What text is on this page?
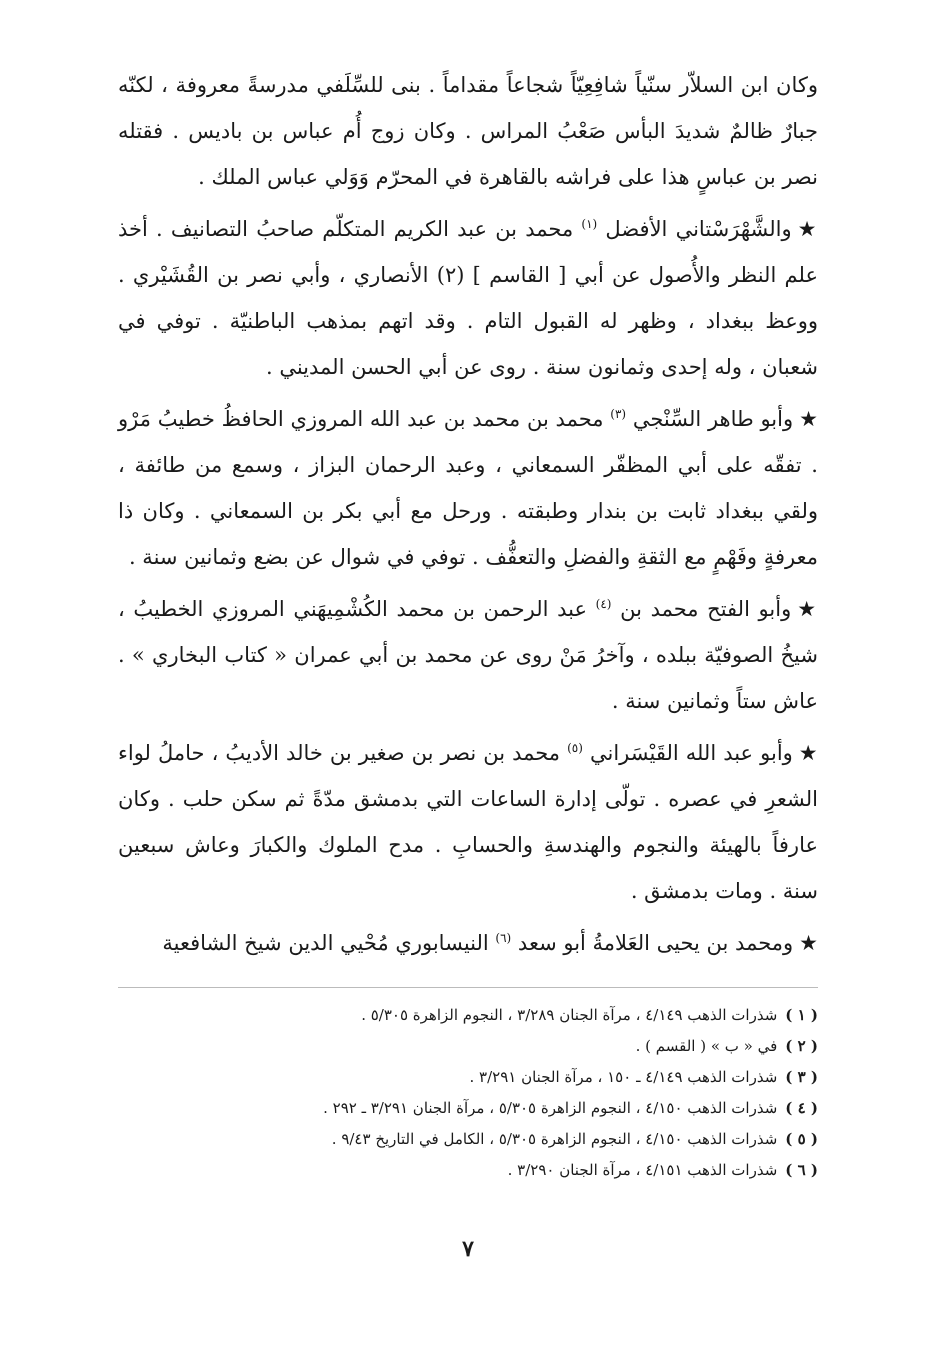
وكان ابن السلاّر سنّياً شافِعِيّاً شجاعاً مقداماً . بنى للسِّلَفي مدرسةً معروفة ، لكنّه جبارٌ ظالمٌ شديدَ البأس صَعْبُ المراس . وكان زوج أُم عباس بن باديس . فقتله نصر بن عباسٍ هذا على فراشه بالقاهرة في المحرّم وَوَلي عباس الملك .

★والشَّهْرَسْتاني الأفضل $^{(١)}$ محمد بن عبد الكريم المتكلّم صاحبُ التصانيف . أخذ علم النظر والأُصول عن أبي [ القاسم ] (٢) الأنصاري ، وأبي نصر بن القُشَيْري . ووعظ ببغداد ، وظهر له القبول التام . وقد اتهم بمذهب الباطنيّة . توفي في شعبان ، وله إحدى وثمانون سنة . روى عن أبي الحسن المديني .

★وأبو طاهر السِّنْجي $^{(٣)}$ محمد بن محمد بن عبد الله المروزي الحافظُ خطيبُ مَرْو . تفقّه على أبي المظفّر السمعاني ، وعبد الرحمان البزاز ، وسمع من طائفة ، ولقي ببغداد ثابت بن بندار وطبقته . ورحل مع أبي بكر بن السمعاني . وكان ذا معرفةٍ وفَهْمٍ مع الثقةِ والفضلِ والتعفُّف . توفي في شوال عن بضع وثمانين سنة .

★وأبو الفتح محمد بن $^{(٤)}$ عبد الرحمن بن محمد الكُشْمِيهَني المروزي الخطيبُ ، شيخُ الصوفيّة ببلده ، وآخرُ مَنْ روى عن محمد بن أبي عمران « كتاب البخاري » . عاش ستاً وثمانين سنة .

★وأبو عبد الله القَيْسَراني $^{(٥)}$ محمد بن نصر بن صغير بن خالد الأديبُ ، حاملُ لواء الشعرِ في عصره . تولّى إدارة الساعات التي بدمشق مدّةً ثم سكن حلب . وكان عارفاً بالهيئة والنجوم والهندسةِ والحسابِ . مدح الملوك والكبارَ وعاش سبعين سنة . ومات بدمشق .

★ومحمد بن يحيى العَلامةُ أبو سعد $^{(٦)}$ النيسابوري مُحْيي الدين شيخ الشافعية

( ١ )شذرات الذهب ٤/١٤٩ ، مرآة الجنان ٣/٢٨٩ ، النجوم الزاهرة ٥/٣٠٥ .
( ٢ )في « ب » ( القسم ) .
( ٣ )شذرات الذهب ٤/١٤٩ ـ ١٥٠ ، مرآة الجنان ٣/٢٩١ .
( ٤ )شذرات الذهب ٤/١٥٠ ، النجوم الزاهرة ٥/٣٠٥ ، مرآة الجنان ٣/٢٩١ ـ ٢٩٢ .
( ٥ )شذرات الذهب ٤/١٥٠ ، النجوم الزاهرة ٥/٣٠٥ ، الكامل في التاريخ ٩/٤٣ .
( ٦ )شذرات الذهب ٤/١٥١ ، مرآة الجنان ٣/٢٩٠ .
٧
